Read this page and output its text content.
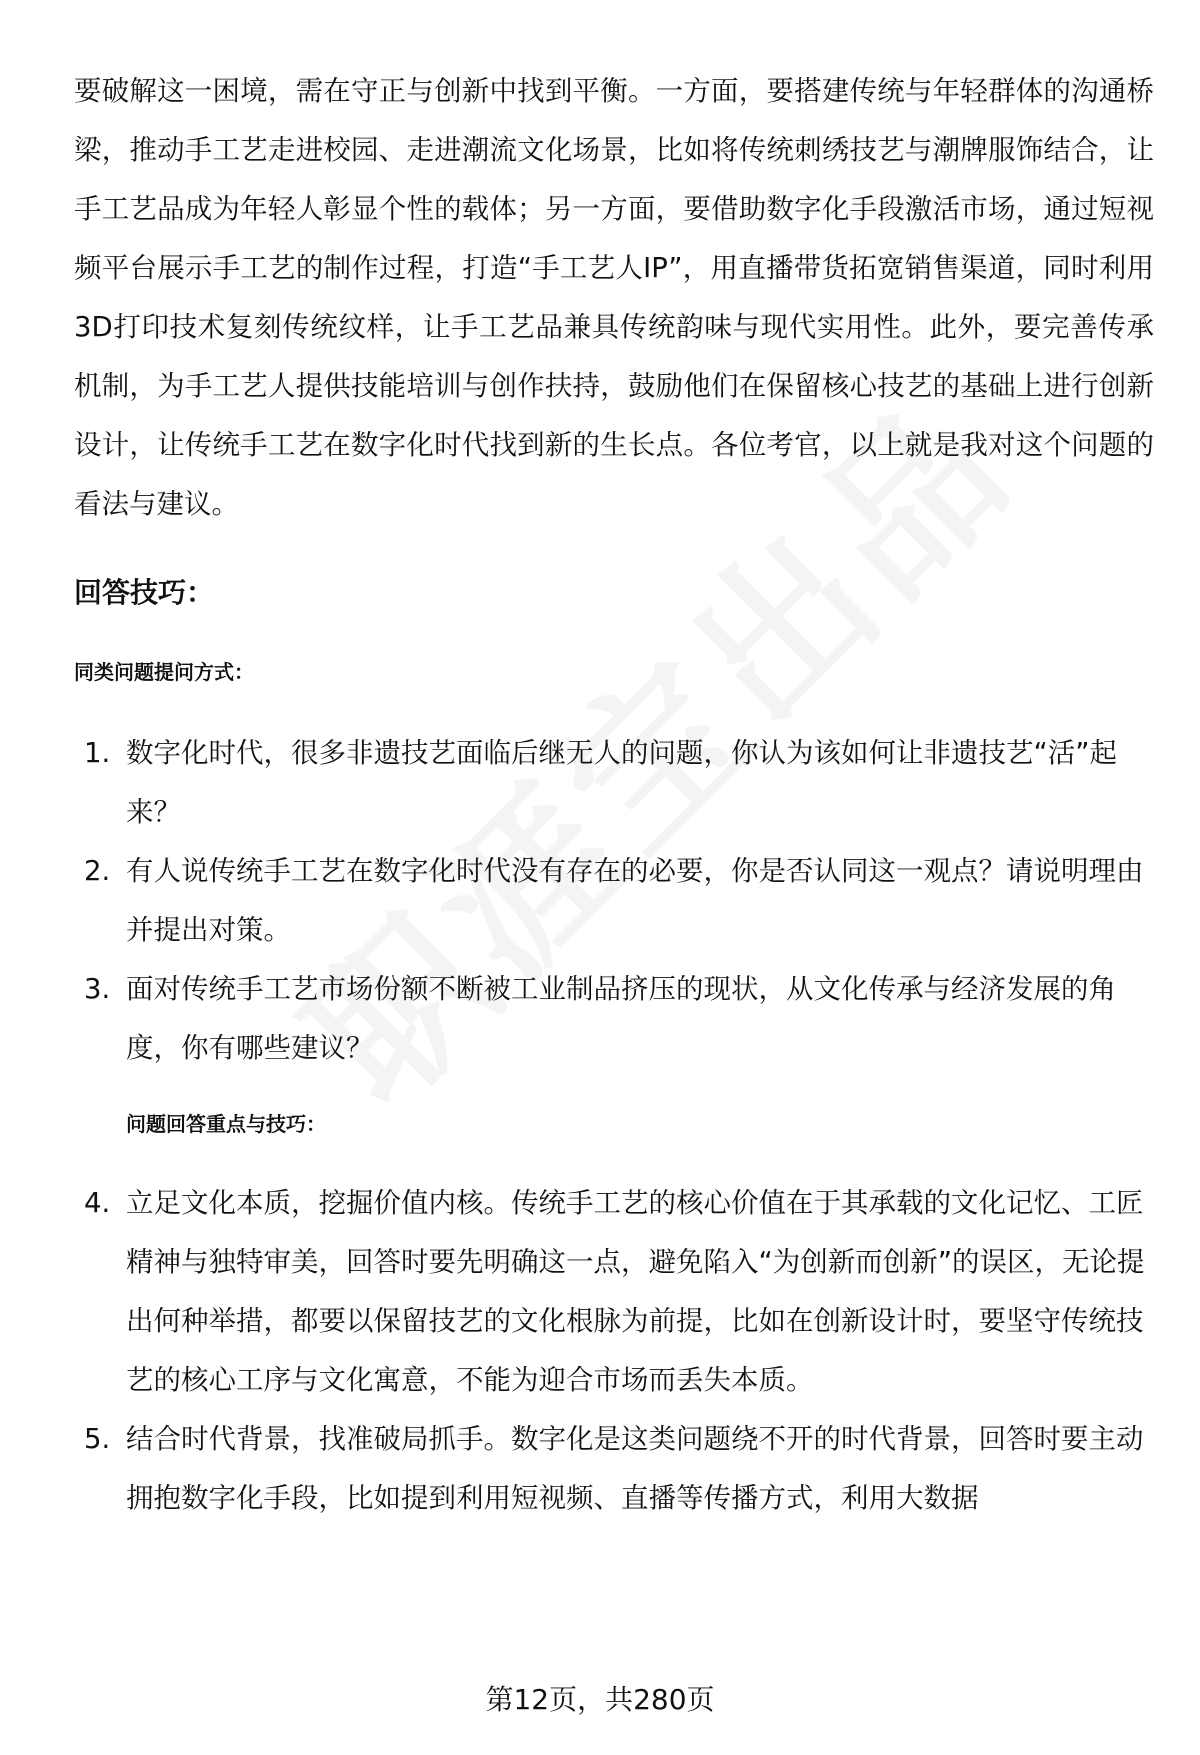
要破解这一困境，需在守正与创新中找到平衡。一方面，要搭建传统与年轻群体的沟通桥梁，推动手工艺走进校园、走进潮流文化场景，比如将传统刺绣技艺与潮牌服饰结合，让手工艺品成为年轻人彰显个性的载体；另一方面，要借助数字化手段激活市场，通过短视频平台展示手工艺的制作过程，打造“手工艺人IP”，用直播带货拓宽销售渠道，同时利用3D打印技术复刻传统纹样，让手工艺品兼具传统韵味与现代实用性。此外，要完善传承机制，为手工艺人提供技能培训与创作扶持，鼓励他们在保留核心技艺的基础上进行创新设计，让传统手工艺在数字化时代找到新的生长点。各位考官，以上就是我对这个问题的看法与建议。

回答技巧：
同类问题提问方式：
1. 数字化时代，很多非遗技艺面临后继无人的问题，你认为该如何让非遗技艺“活”起来？
2. 有人说传统手工艺在数字化时代没有存在的必要，你是否认同这一观点？请说明理由并提出对策。
3. 面对传统手工艺市场份额不断被工业制品挤压的现状，从文化传承与经济发展的角度，你有哪些建议？
问题回答重点与技巧：
4. 立足文化本质，挖掘价值内核。传统手工艺的核心价值在于其承载的文化记忆、工匠精神与独特审美，回答时要先明确这一点，避免陷入“为创新而创新”的误区，无论提出何种举措，都要以保留技艺的文化根脉为前提，比如在创新设计时，要坚守传统技艺的核心工序与文化寓意，不能为迎合市场而丢失本质。
5. 结合时代背景，找准破局抓手。数字化是这类问题绕不开的时代背景，回答时要主动拥抱数字化手段，比如提到利用短视频、直播等传播方式，利用大数据
第12页，共280页
